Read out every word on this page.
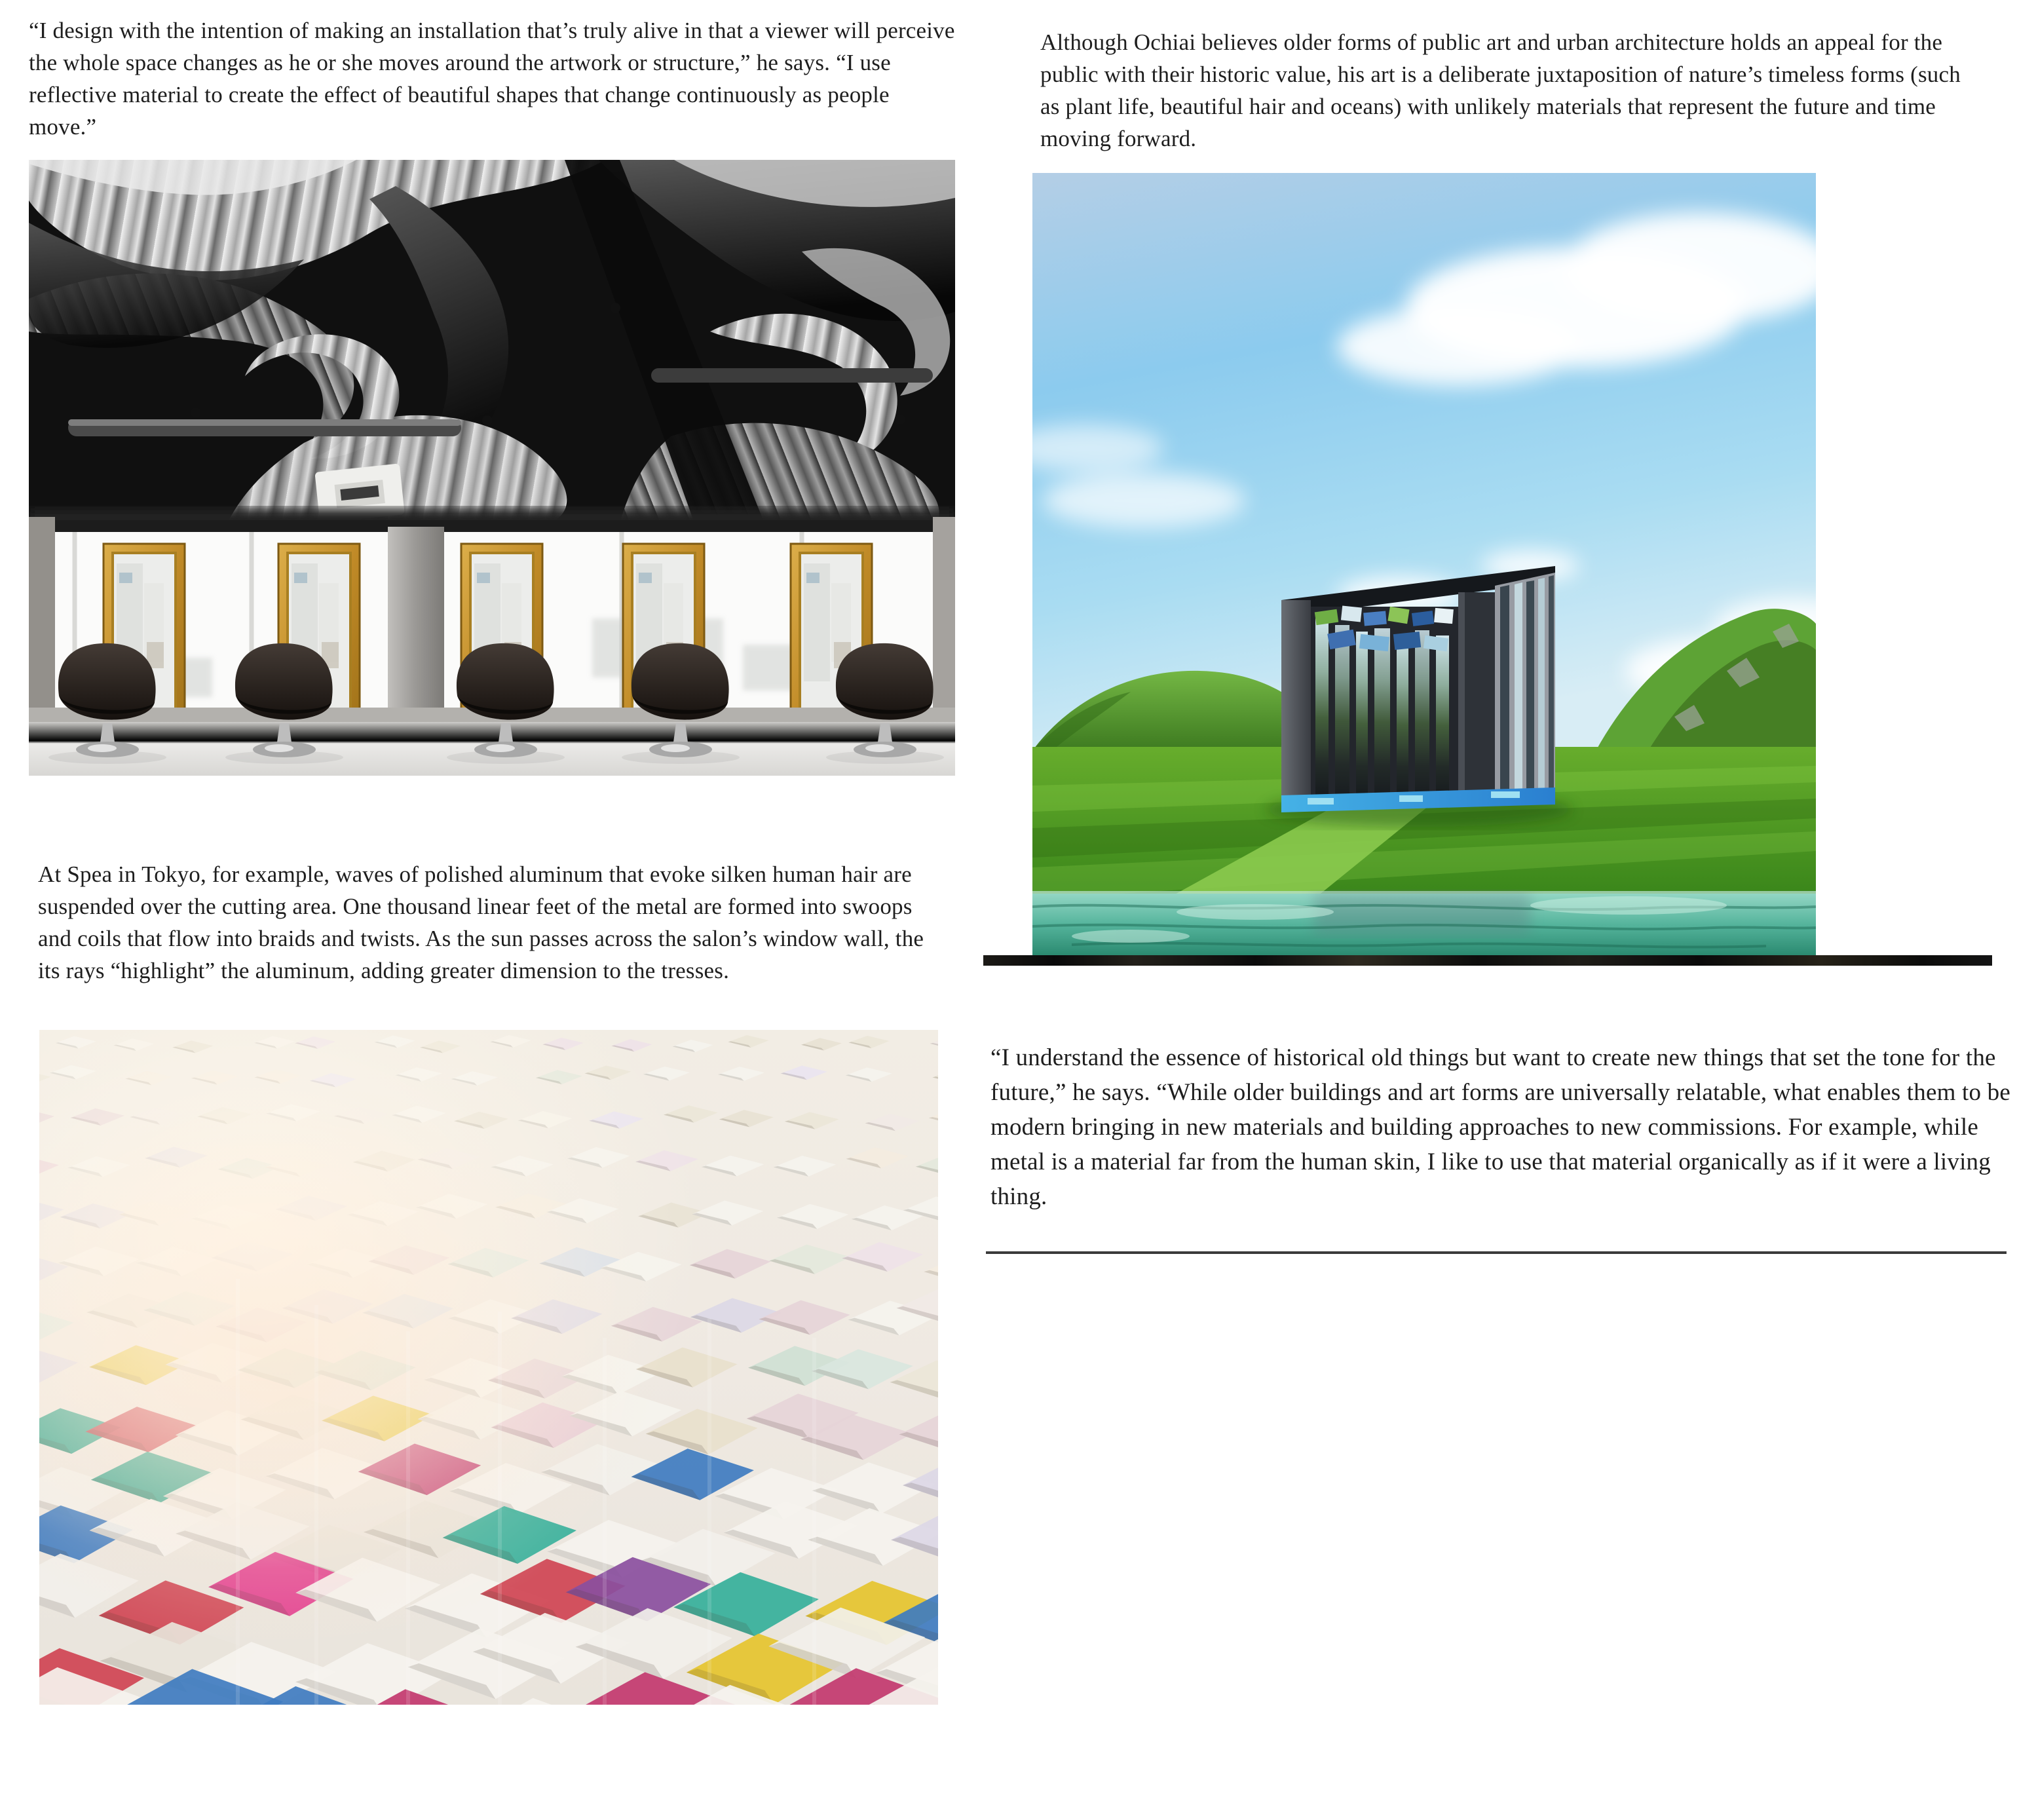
“I design with the intention of making an installation that’s truly alive in that a viewer will perceive the whole space changes as he or she moves around the artwork or structure,” he says. “I use reflective material to create the effect of beautiful shapes that change continuously as people move.”
Although Ochiai believes older forms of public art and urban architecture holds an appeal for the public with their historic value, his art is a deliberate juxtaposition of nature’s timeless forms (such as plant life, beautiful hair and oceans) with unlikely materials that represent the future and time moving forward.
At Spea in Tokyo, for example, waves of polished aluminum that evoke silken human hair are suspended over the cutting area. One thousand linear feet of the metal are formed into swoops and coils that flow into braids and twists. As the sun passes across the salon’s window wall, the its rays “highlight” the aluminum, adding greater dimension to the tresses.
“I understand the essence of historical old things but want to create new things that set the tone for the future,” he says. “While older buildings and art forms are universally relatable, what enables them to be modern bringing in new materials and building approaches to new commissions. For example, while metal is a material far from the human skin, I like to use that material organically as if it were a living thing.
